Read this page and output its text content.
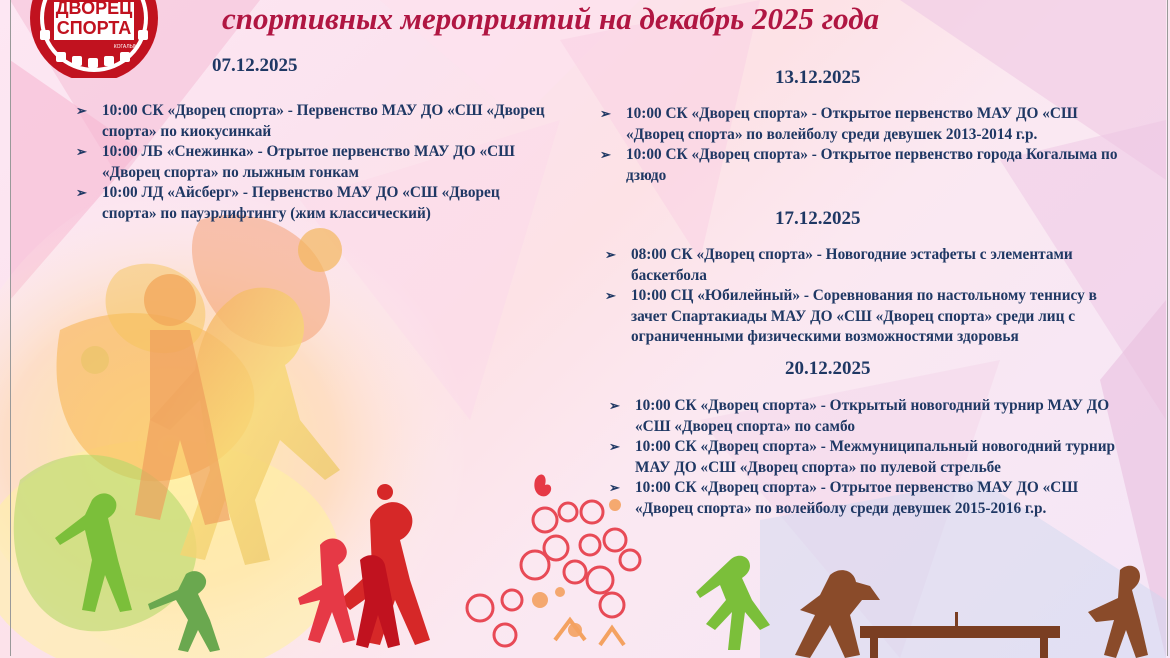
ДВОРЕЦ
СПОРТА
КОГАЛЫМ
спортивных мероприятий на декабрь 2025 года
07.12.2025
➢ 10:00 СК «Дворец спорта» - Первенство МАУ ДО «СШ «Дворец спорта» по киокусинкай
➢ 10:00 ЛБ «Снежинка» - Отрытое первенство МАУ ДО «СШ «Дворец спорта» по лыжным гонкам
➢ 10:00 ЛД «Айсберг» - Первенство МАУ ДО «СШ «Дворец спорта» по пауэрлифтингу (жим классический)
13.12.2025
➢ 10:00 СК «Дворец спорта» - Открытое первенство МАУ ДО «СШ «Дворец спорта» по волейболу среди девушек 2013-2014 г.р.
➢ 10:00 СК «Дворец спорта» - Открытое первенство города Когалыма по дзюдо
17.12.2025
➢ 08:00 СК «Дворец спорта» - Новогодние эстафеты с элементами баскетбола
➢ 10:00 СЦ «Юбилейный» - Соревнования по настольному теннису в зачет Спартакиады МАУ ДО «СШ «Дворец спорта» среди лиц с ограниченными физическими возможностями здоровья
20.12.2025
➢ 10:00 СК «Дворец спорта» - Открытый новогодний турнир МАУ ДО «СШ «Дворец спорта» по самбо
➢ 10:00 СК «Дворец спорта» - Межмуниципальный новогодний турнир МАУ ДО «СШ «Дворец спорта» по пулевой стрельбе
➢ 10:00 СК «Дворец спорта» - Отрытое первенство МАУ ДО «СШ «Дворец спорта» по волейболу среди девушек 2015-2016 г.р.
